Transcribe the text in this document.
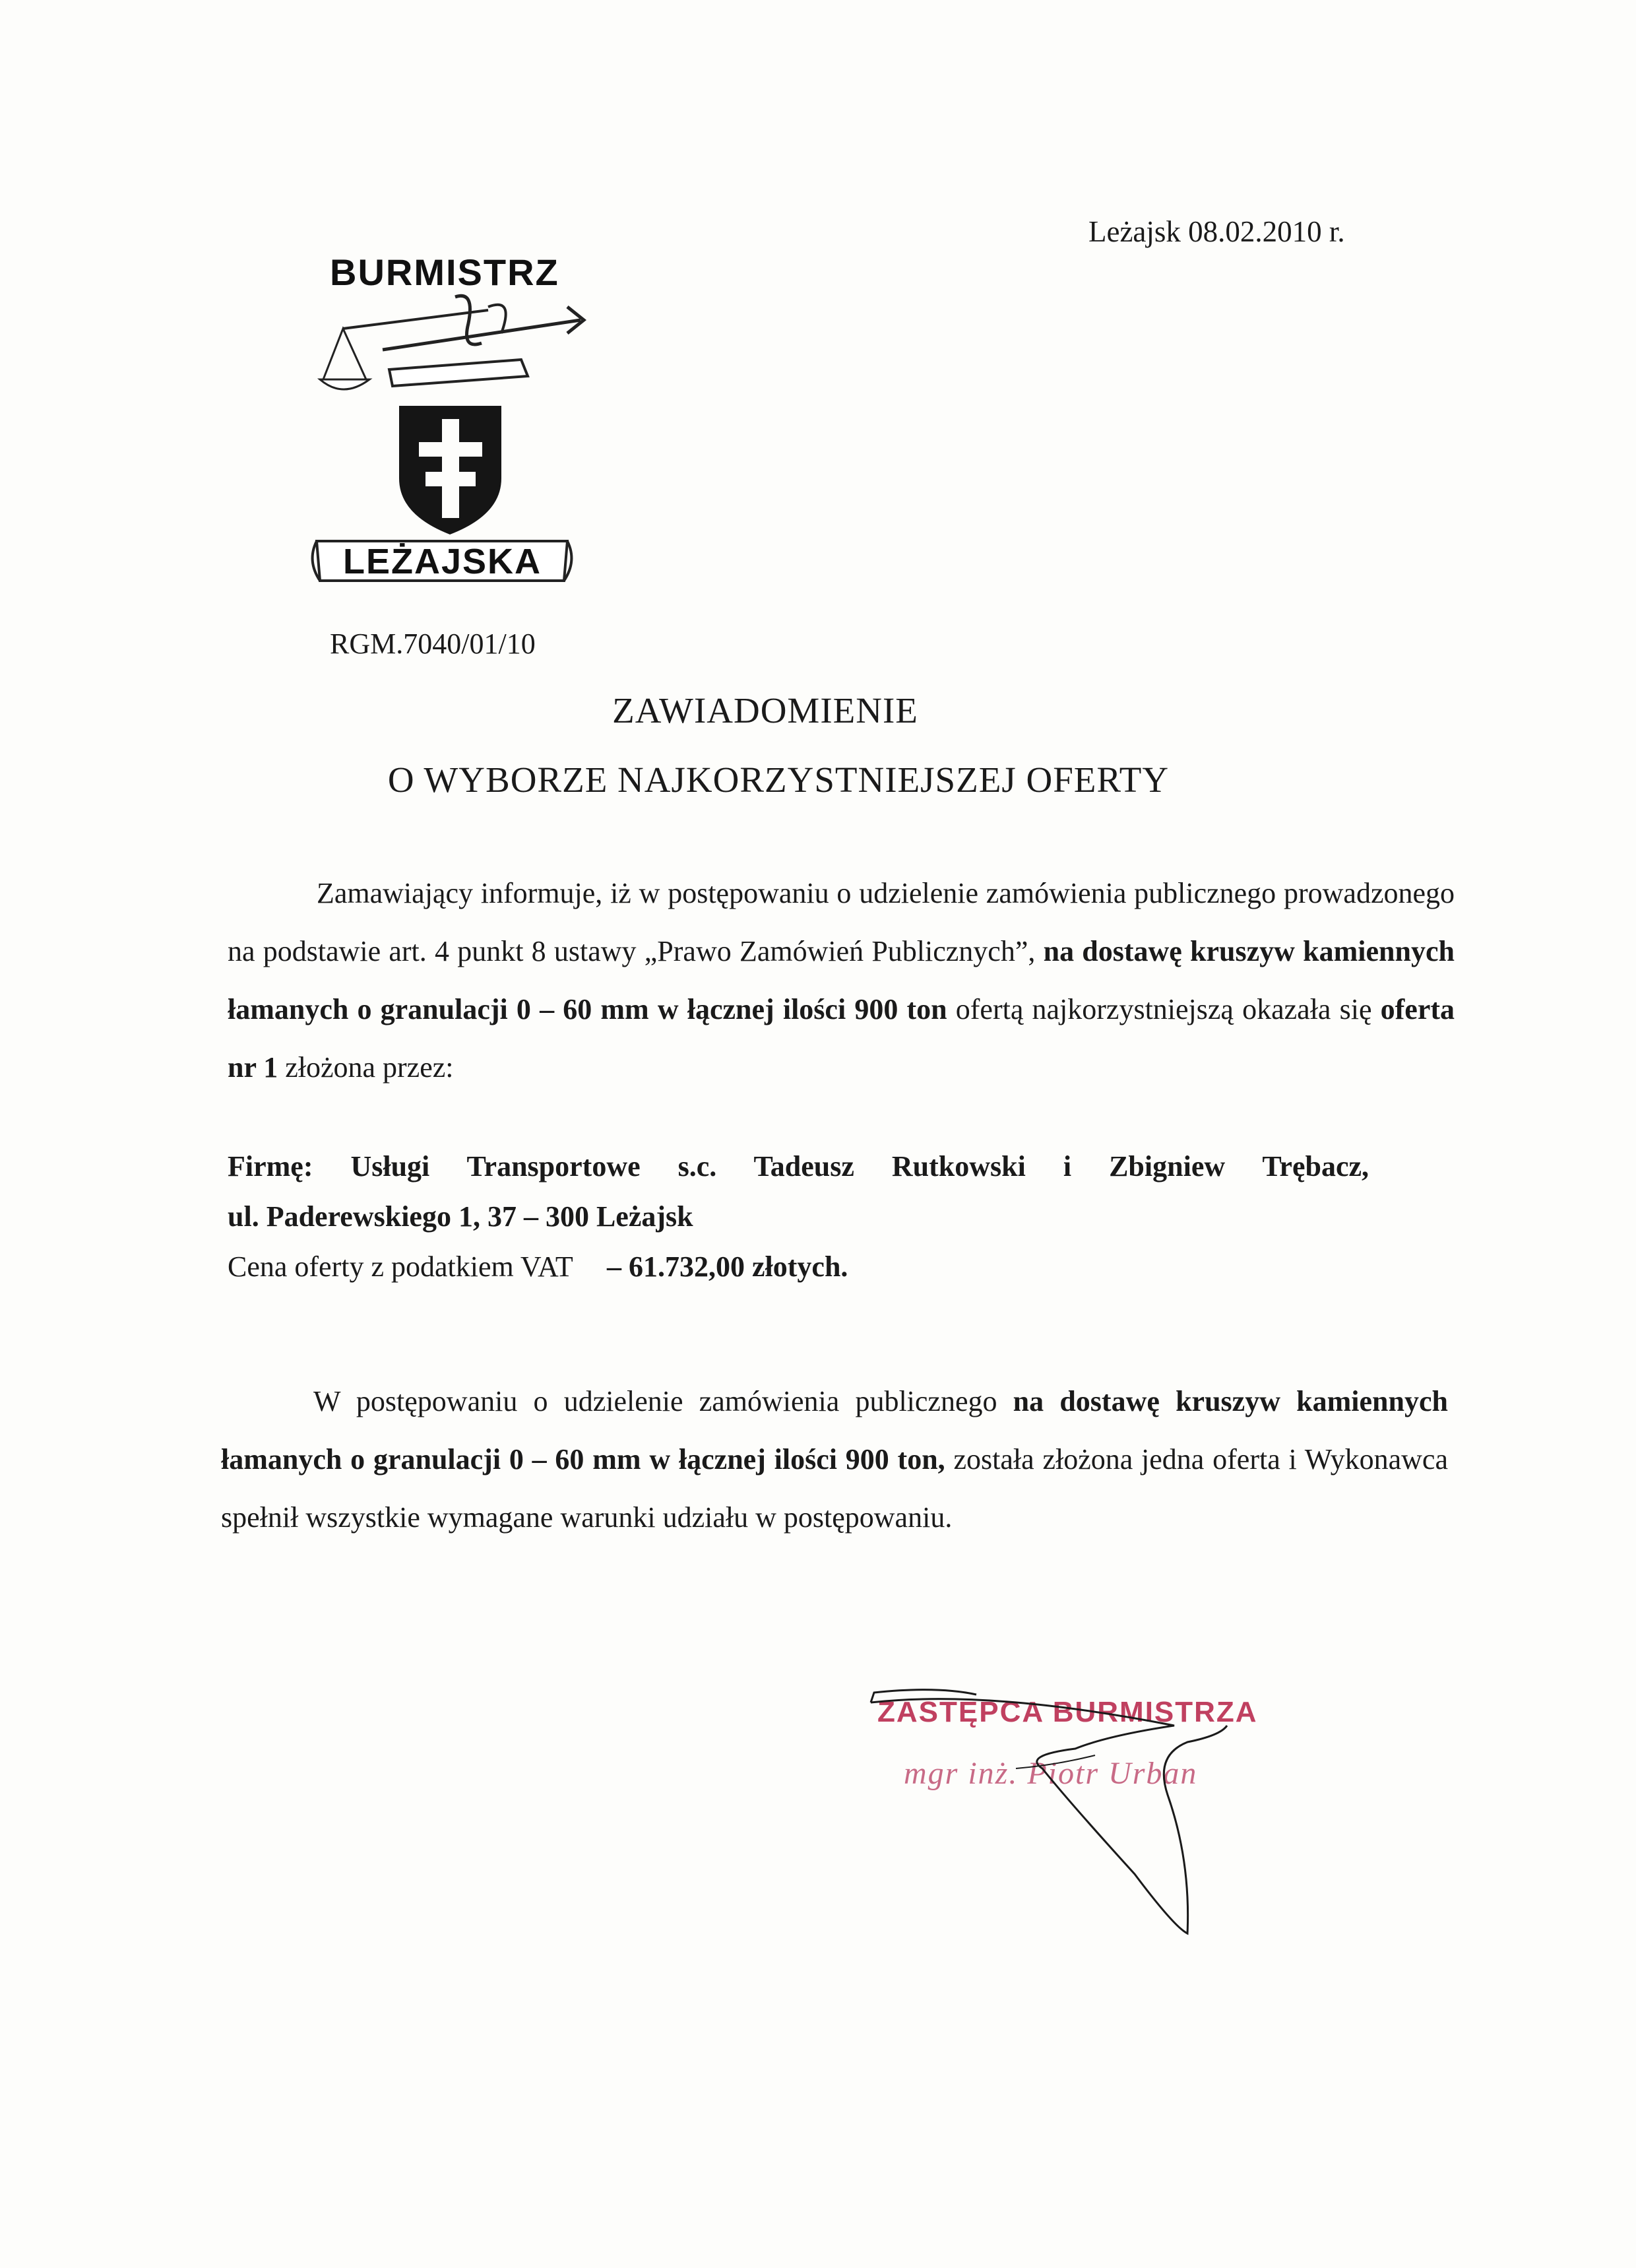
Leżajsk 08.02.2010 r.
BURMISTRZ
LEŻAJSKA
RGM.7040/01/10
ZAWIADOMIENIE
O WYBORZE NAJKORZYSTNIEJSZEJ OFERTY
Zamawiający informuje, iż w postępowaniu o udzielenie zamówienia publicznego prowadzonego na podstawie art. 4 punkt 8 ustawy „Prawo Zamówień Publicznych”, na dostawę kruszyw kamiennych łamanych o granulacji 0 – 60 mm w łącznej ilości 900 ton ofertą najkorzystniejszą okazała się oferta nr 1 złożona przez:
Firmę: Usługi Transportowe s.c. Tadeusz Rutkowski i Zbigniew Trębacz,
ul. Paderewskiego 1, 37 – 300 Leżajsk
Cena oferty z podatkiem VAT – 61.732,00 złotych.
W postępowaniu o udzielenie zamówienia publicznego na dostawę kruszyw kamiennych łamanych o granulacji 0 – 60 mm w łącznej ilości 900 ton, została złożona jedna oferta i Wykonawca spełnił wszystkie wymagane warunki udziału w postępowaniu.
ZASTĘPCA BURMISTRZA
mgr inż. Piotr Urban
